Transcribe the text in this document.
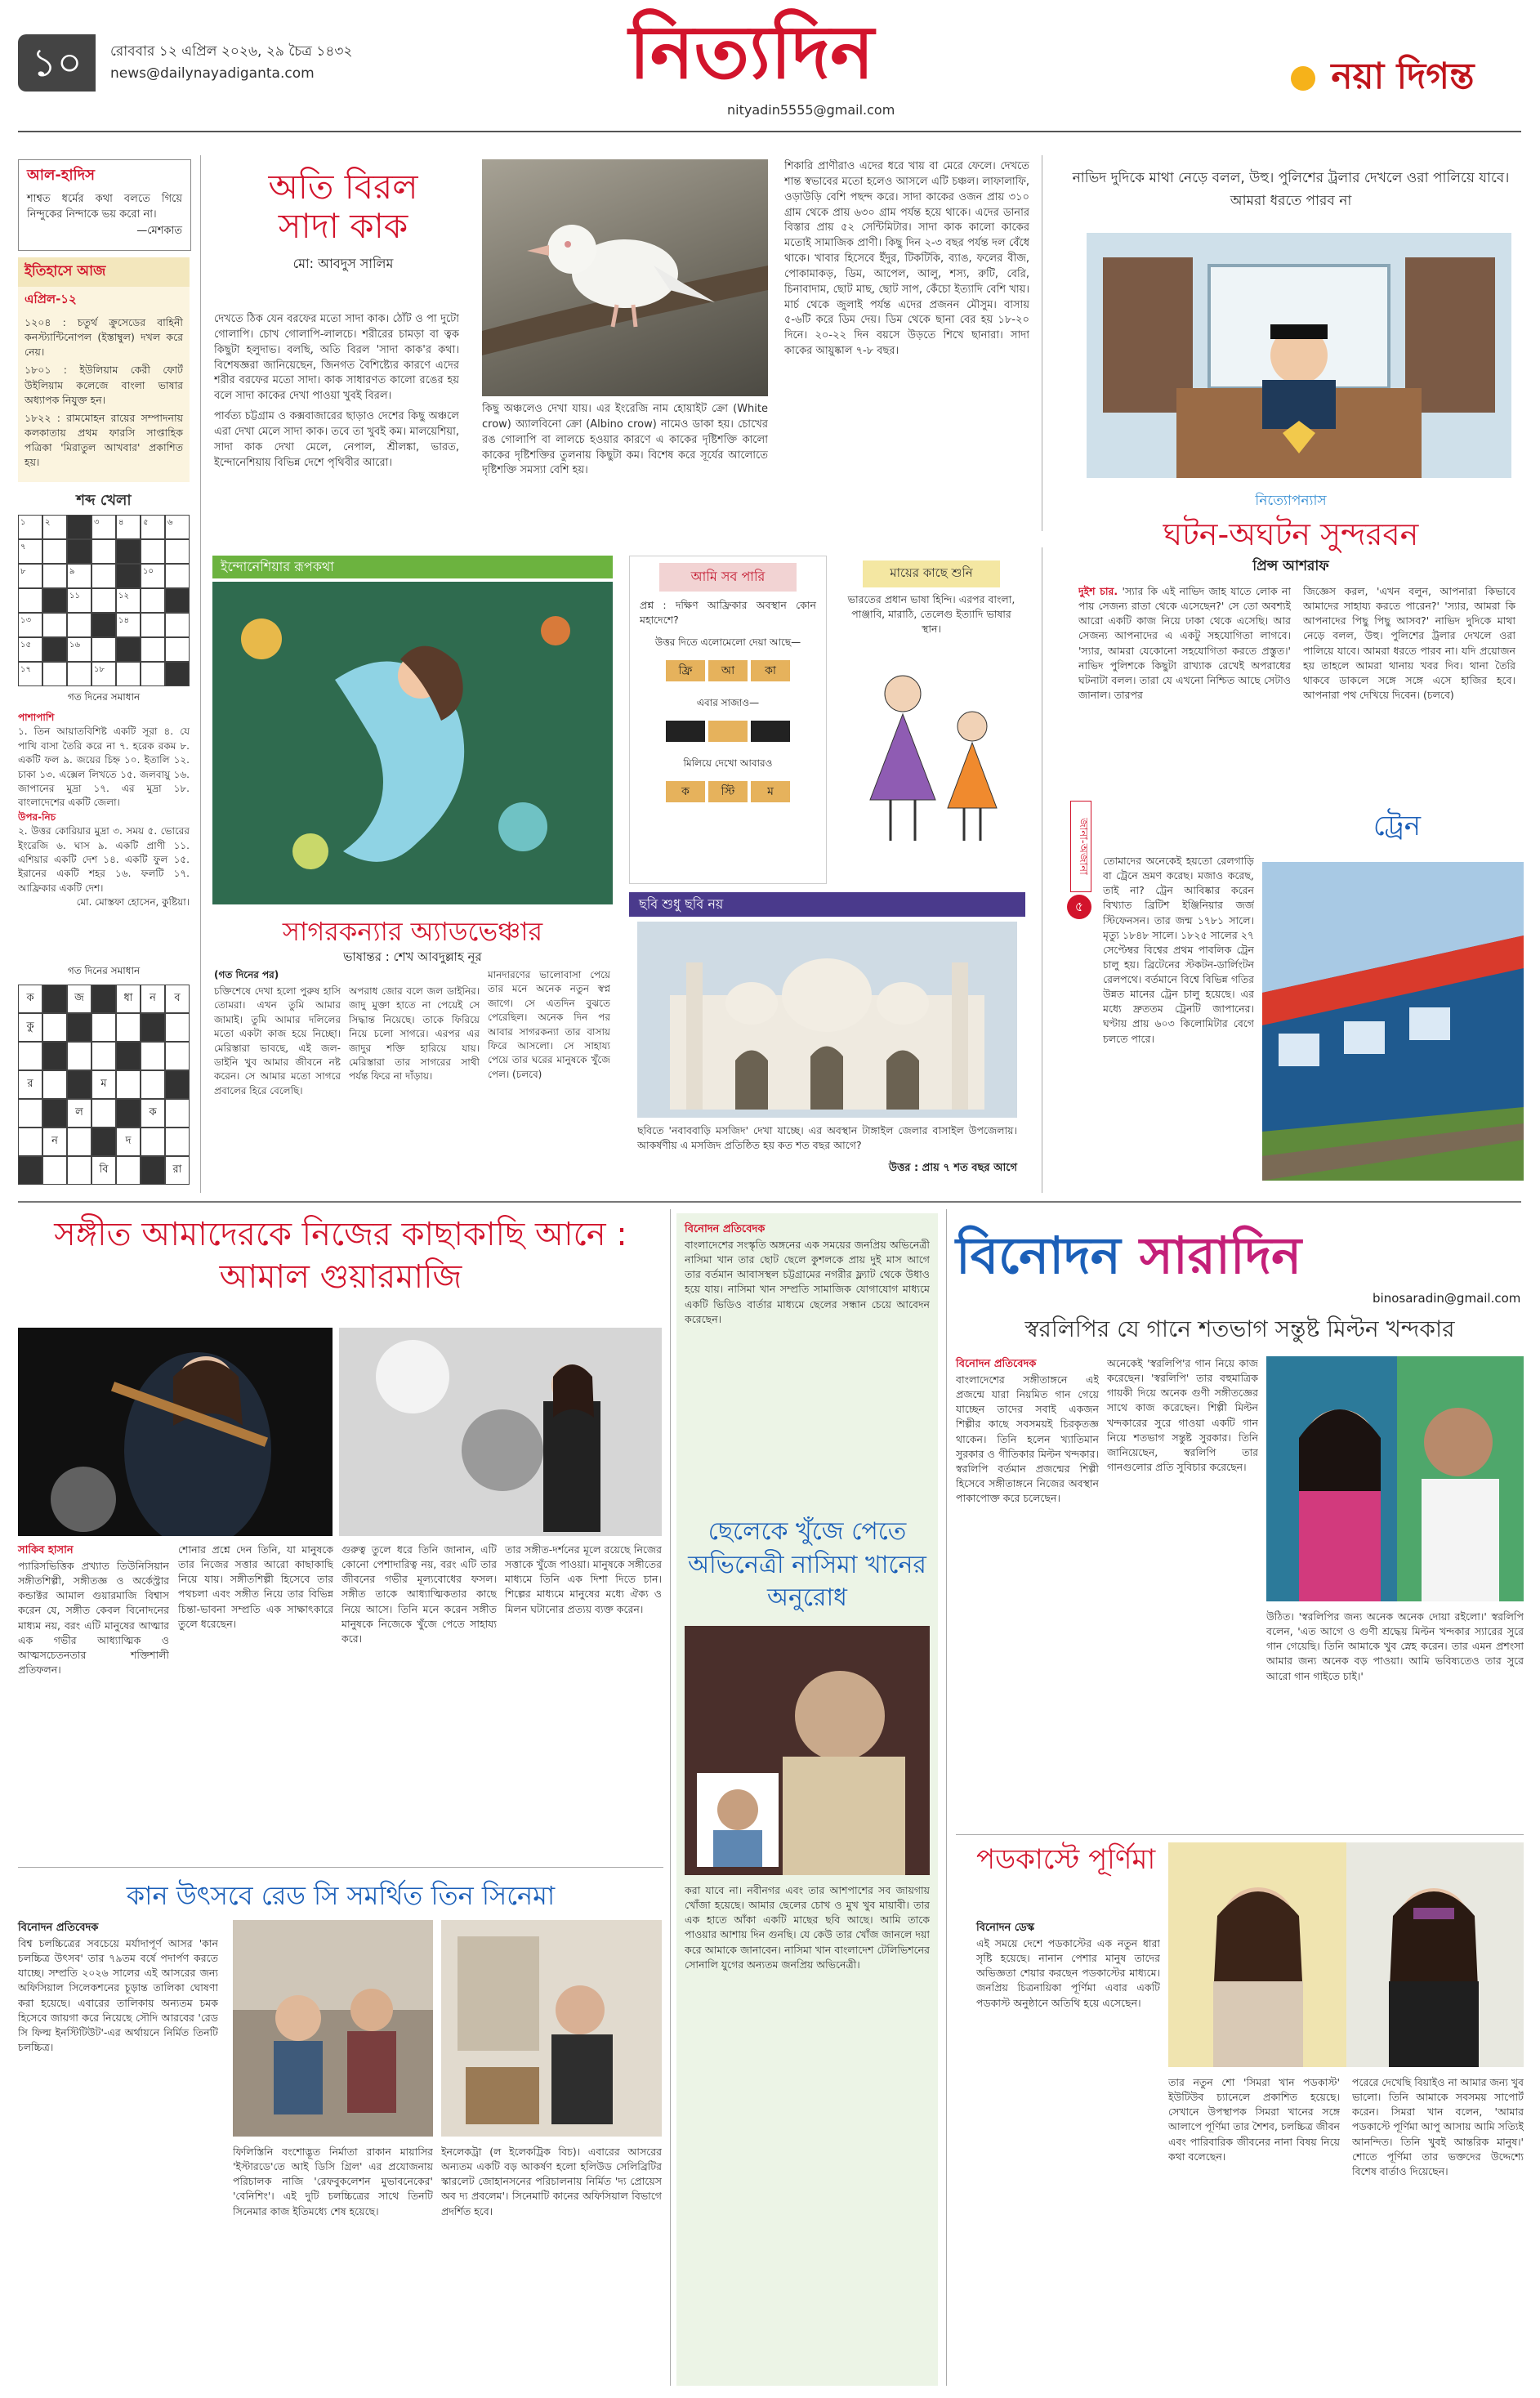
১০	রোববার ১২ এপ্রিল ২০২৬, ২৯ চৈত্র ১৪৩২
news@dailynayadiganta.com	নিত্যদিন
nityadin5555@gmail.com
নয়া দিগন্ত
আল-হাদিস
শাশ্বত ধর্মের কথা বলতে গিয়ে নিন্দুকের নিন্দাকে ভয় করো না।
—মেশকাত
ইতিহাসে আজ
এপ্রিল-১২
১২০৪ : চতুর্থ ক্রুসেডের বাহিনী কনস্ট্যান্টিনোপল (ইস্তাম্বুল) দখল করে নেয়।
১৮০১ : ইউলিয়াম কেরী ফোর্ট উইলিয়াম কলেজে বাংলা ভাষার অধ্যাপক নিযুক্ত হন।
১৮২২ : রামমোহন রায়ের সম্পাদনায় কলকাতায় প্রথম ফারসি সাপ্তাহিক পত্রিকা 'মিরাতুল আখবার' প্রকাশিত হয়।
শব্দ খেলা
১	২	৩	৪	৫	৬
৭
৮	৯	১০
১১	১২
১৩	১৪
১৫	১৬
১৭	১৮
গত দিনের সমাধান
পাশাপাশি
১. তিন আয়াতবিশিষ্ট একটি সূরা ৪. যে পাখি বাসা তৈরি করে না ৭. হরেক রকম ৮. একটি ফল ৯. জয়ের চিহ্ন ১০. ইতালি ১২. চাকা ১৩. এক্সেল লিখতে ১৫. জলবায়ু ১৬. জাপানের মুদ্রা ১৭. এর মুদ্রা ১৮. বাংলাদেশের একটি জেলা।
উপর-নিচ
২. উত্তর কোরিয়ার মুদ্রা ৩. সময় ৫. ভোরের ইংরেজি ৬. ঘাস ৯. একটি প্রাণী ১১. এশিয়ার একটি দেশ ১৪. একটি ফুল ১৫. ইরানের একটি শহর ১৬. ফলটি ১৭. আফ্রিকার একটি দেশ।
মো. মোস্তফা হোসেন, কুষ্টিয়া।
গত দিনের সমাধান
ক	জ	ধা	ন	ব
কু
র	ম
ল	ক
ন	দ
বি	রা
অতি বিরল সাদা কাক
মো: আবদুস সালিম
দেখতে ঠিক যেন বরফের মতো সাদা কাক। ঠোঁট ও পা দুটো গোলাপি। চোখ গোলাপি-লালচে। শরীরের চামড়া বা ত্বক কিছুটা হলুদাভ। বলছি, অতি বিরল 'সাদা কাক'র কথা। বিশেষজ্ঞরা জানিয়েছেন, জিনগত বৈশিষ্ট্যের কারণে এদের শরীর বরফের মতো সাদা। কাক সাধারণত কালো রঙের হয় বলে সাদা কাকের দেখা পাওয়া খুবই বিরল।
পার্বত্য চট্টগ্রাম ও কক্সবাজারের ছাড়াও দেশের কিছু অঞ্চলে এরা দেখা মেলে সাদা কাক। তবে তা খুবই কম। মালয়েশিয়া, সাদা কাক দেখা মেলে, নেপাল, শ্রীলঙ্কা, ভারত, ইন্দোনেশিয়ায় বিভিন্ন দেশে পৃথিবীর আরো।
কিছু অঞ্চলেও দেখা যায়। এর ইংরেজি নাম হোয়াইট ক্রো (White crow) অ্যালবিনো ক্রো (Albino crow) নামেও ডাকা হয়। চোখের রঙ গোলাপি বা লালচে হওয়ার কারণে এ কাকের দৃষ্টিশক্তি কালো কাকের দৃষ্টিশক্তির তুলনায় কিছুটা কম। বিশেষ করে সূর্যের আলোতে দৃষ্টিশক্তি সমস্যা বেশি হয়।
শিকারি প্রাণীরাও এদের ধরে খায় বা মেরে ফেলে। দেখতে শান্ত স্বভাবের মতো হলেও আসলে এটি চঞ্চল। লাফালাফি, ওড়াউড়ি বেশি পছন্দ করে। সাদা কাকের ওজন প্রায় ৩১০ গ্রাম থেকে প্রায় ৬৩০ গ্রাম পর্যন্ত হয়ে থাকে। এদের ডানার বিস্তার প্রায় ৫২ সেন্টিমিটার। সাদা কাক কালো কাকের মতোই সামাজিক প্রাণী। কিছু দিন ২-৩ বছর পর্যন্ত দল বেঁধে থাকে। খাবার হিসেবে ইঁদুর, টিকটিকি, ব্যাঙ, ফলের বীজ, পোকামাকড়, ডিম, আপেল, আলু, শস্য, রুটি, বেরি, চিনাবাদাম, ছোট মাছ, ছোট সাপ, কেঁচো ইত্যাদি বেশি খায়। মার্চ থেকে জুলাই পর্যন্ত এদের প্রজনন মৌসুম। বাসায় ৫-৬টি করে ডিম দেয়। ডিম থেকে ছানা বের হয় ১৮-২০ দিনে। ২০-২২ দিন বয়সে উড়তে শিখে ছানারা। সাদা কাকের আয়ুষ্কাল ৭-৮ বছর।
নাভিদ দুদিকে মাথা নেড়ে বলল, উহু। পুলিশের ট্রলার দেখলে ওরা পালিয়ে যাবে। আমরা ধরতে পারব না
নিত্যোপন্যাস
ঘটন-অঘটন সুন্দরবন
প্রিন্স আশরাফ
দুইশ চার. 'স্যার কি এই নাভিদ জাহ যাতে লোক না পায় সেজন্য রাতা থেকে এসেছেন?' সে তো অবশ্যই আরো একটি কাজ নিয়ে ঢাকা থেকে এসেছি। আর সেজন্য আপনাদের এ একটু সহযোগিতা লাগবে। 'স্যার, আমরা যেকোনো সহযোগিতা করতে প্রস্তুত।' নাভিদ পুলিশকে কিছুটা রাখ্যাক রেখেই অপরাধের ঘটনাটা বলল। তারা যে এখনো নিশ্চিত আছে সেটাও জানাল। তারপর
জিজ্ঞেস করল, 'এখন বলুন, আপনারা কিভাবে আমাদের সাহায্য করতে পারেন?' 'স্যার, আমরা কি আপনাদের পিছু পিছু আসব?' নাভিদ দুদিকে মাথা নেড়ে বলল, উহু। পুলিশের ট্রলার দেখলে ওরা পালিয়ে যাবে। আমরা ধরতে পারব না। যদি প্রয়োজন হয় তাহলে আমরা থানায় খবর দিব। থানা তৈরি থাকবে ডাকলে সঙ্গে সঙ্গে এসে হাজির হবে। আপনারা পথ দেখিয়ে দিবেন। (চলবে)
ইন্দোনেশিয়ার রূপকথা
সাগরকন্যার অ্যাডভেঞ্চার
ভাষান্তর : শেখ আবদুল্লাহ নূর
(গত দিনের পর)
চক্তিশেষে দেখা হলো পুরুষ হাসি তোমরা। এখন তুমি আমার জামাই। তুমি আমার দলিলের মতো একটা কাজ হয়ে নিচ্ছো। মেরিস্তারা ভাবছে, এই জল-ডাইনি খুব আমার জীবনে নষ্ট করেন। সে আমার মতো সাগরে প্রবালের হিরে বেলেছি।
অপরাধ জোর বলে জল ডাইনির। জাদু মুক্তা হাতে না পেয়েই সে সিদ্ধান্ত নিয়েছে। তাকে ফিরিয়ে নিয়ে চলো সাগরে। এরপর এর জাদুর শক্তি হারিয়ে যায়। মেরিস্তারা তার সাগরের সাথী পর্যন্ত ফিরে না দাঁড়ায়।
মানদারণের ভালোবাসা পেয়ে তার মনে অনেক নতুন স্বপ্ন জাগে। সে এতদিন বুঝতে পেরেছিল। অনেক দিন পর আবার সাগরকন্যা তার বাসায় ফিরে আসলো। সে সাহায্য পেয়ে তার ঘরের মানুষকে খুঁজে পেল। (চলবে)
আমি সব পারি
প্রশ্ন : দক্ষিণ আফ্রিকার অবস্থান কোন মহাদেশে?
উত্তর দিতে এলোমেলো দেয়া আছে—
ফ্রি	আ	কা
এবার সাজাও—
মিলিয়ে দেখো আবারও
ক	স্টি	ম
মায়ের কাছে শুনি
ভারতের প্রধান ভাষা হিন্দি। এরপর বাংলা, পাঞ্জাবি, মারাঠি, তেলেগু ইত্যাদি ভাষার স্থান।
ছবি শুধু ছবি নয়
ছবিতে 'নবাববাড়ি মসজিদ' দেখা যাচ্ছে। এর অবস্থান টাঙ্গাইল জেলার বাসাইল উপজেলায়। আকর্ষণীয় এ মসজিদ প্রতিষ্ঠিত হয় কত শত বছর আগে?
উত্তর : প্রায় ৭ শত বছর আগে
জানা-অজানা
৫
ট্রেন
তোমাদের অনেকেই হয়তো রেলগাড়ি বা ট্রেনে ভ্রমণ করেছ। মজাও করেছ, তাই না? ট্রেন আবিষ্কার করেন বিখ্যাত ব্রিটিশ ইঞ্জিনিয়ার জর্জ স্টিফেনসন। তার জন্ম ১৭৮১ সালে। মৃত্যু ১৮৪৮ সালে। ১৮২৫ সালের ২৭ সেপ্টেম্বর বিশ্বের প্রথম পাবলিক ট্রেন চালু হয়। ব্রিটেনের স্টকটন-ডার্লিংটন রেলপথে। বর্তমানে বিশ্বে বিভিন্ন গতির উন্নত মানের ট্রেন চালু হয়েছে। এর মধ্যে দ্রুততম ট্রেনটি জাপানের। ঘণ্টায় প্রায় ৬০৩ কিলোমিটার বেগে চলতে পারে।
সঙ্গীত আমাদেরকে নিজের কাছাকাছি আনে : আমাল গুয়ারমাজি
সাকিব হাসান
প্যারিসভিত্তিক প্রখ্যাত তিউনিসিয়ান সঙ্গীতশিল্পী, সঙ্গীতজ্ঞ ও অর্কেস্ট্রার কন্ডাক্টর আমাল গুয়ারমাজি বিশ্বাস করেন যে, সঙ্গীত কেবল বিনোদনের মাধ্যম নয়, বরং এটি মানুষের আত্মার এক গভীর আধ্যাত্মিক ও আত্মসচেতনতার শক্তিশালী প্রতিফলন।
শোনার প্রশ্নে দেন তিনি, যা মানুষকে তার নিজের সত্তার আরো কাছাকাছি নিয়ে যায়। সঙ্গীতশিল্পী হিসেবে তার পথচলা এবং সঙ্গীত নিয়ে তার বিভিন্ন চিন্তা-ভাবনা সম্প্রতি এক সাক্ষাৎকারে তুলে ধরেছেন।
গুরুত্ব তুলে ধরে তিনি জানান, এটি কোনো পেশাদারিত্ব নয়, বরং এটি তার জীবনের গভীর মূল্যবোধের ফসল। সঙ্গীত তাকে আধ্যাত্মিকতার কাছে নিয়ে আসে। তিনি মনে করেন সঙ্গীত মানুষকে নিজেকে খুঁজে পেতে সাহায্য করে।
তার সঙ্গীত-দর্শনের মূলে রয়েছে নিজের সত্তাকে খুঁজে পাওয়া। মানুষকে সঙ্গীতের মাধ্যমে তিনি এক দিশা দিতে চান। শিল্পের মাধ্যমে মানুষের মধ্যে ঐক্য ও মিলন ঘটানোর প্রত্যয় ব্যক্ত করেন।
কান উৎসবে রেড সি সমর্থিত তিন সিনেমা
বিনোদন প্রতিবেদক
বিশ্ব চলচ্চিত্রের সবচেয়ে মর্যাদাপূর্ণ আসর 'কান চলচ্চিত্র উৎসব' তার ৭৯তম বর্ষে পদার্পণ করতে যাচ্ছে। সম্প্রতি ২০২৬ সালের এই আসরের জন্য অফিসিয়াল সিলেকশনের চূড়ান্ত তালিকা ঘোষণা করা হয়েছে। এবারের তালিকায় অন্যতম চমক হিসেবে জায়গা করে নিয়েছে সৌদি আরবের 'রেড সি ফিল্ম ইনস্টিটিউট'-এর অর্থায়নে নির্মিত তিনটি চলচ্চিত্র।
ফিলিস্তিনি বংশোদ্ভূত নির্মাতা রাকান মায়াসির 'ইস্টারডে'তে আই ডিসি গ্রিল' এর প্রযোজনায় পরিচালক নাজি 'রেফবুকলেশন মুভাবনেকের' 'বেনিশিং'। এই দুটি চলচ্চিত্রের সাথে তিনটি সিনেমার কাজ ইতিমধ্যে শেষ হয়েছে।
ইনলেকট্রা (ল ইলেকট্রিক বিচ)। এবারের আসরের অন্যতম একটি বড় আকর্ষণ হলো হলিউড সেলিব্রিটির স্কারলেট জোহানসনের পরিচালনায় নির্মিত 'দ্য প্রোয়েস অব দ্য প্রবলেম'। সিনেমাটি কানের অফিসিয়াল বিভাগে প্রদর্শিত হবে।
বিনোদন প্রতিবেদক
বাংলাদেশের সংস্কৃতি অঙ্গনের এক সময়ের জনপ্রিয় অভিনেত্রী নাসিমা খান তার ছোট ছেলে কুশলকে প্রায় দুই মাস আগে তার বর্তমান আবাসস্থল চট্টগ্রামের নগরীর ফ্ল্যাট থেকে উধাও হয়ে যায়। নাসিমা খান সম্প্রতি সামাজিক যোগাযোগ মাধ্যমে একটি ভিডিও বার্তার মাধ্যমে ছেলের সন্ধান চেয়ে আবেদন করেছেন।
ছেলেকে খুঁজে পেতে অভিনেত্রী নাসিমা খানের অনুরোধ
করা যাবে না। নবীনগর এবং তার আশপাশের সব জায়গায় খোঁজা হয়েছে। আমার ছেলের চোখ ও মুখ খুব মায়াবী। তার এক হাতে আঁকা একটি মাছের ছবি আছে। আমি তাকে পাওয়ার আশায় দিন গুনছি। যে কেউ তার খোঁজ জানলে দয়া করে আমাকে জানাবেন। নাসিমা খান বাংলাদেশ টেলিভিশনের সোনালি যুগের অন্যতম জনপ্রিয় অভিনেত্রী।
বিনোদন সারাদিন
binosaradin@gmail.com
স্বরলিপির যে গানে শতভাগ সন্তুষ্ট মিল্টন খন্দকার
বিনোদন প্রতিবেদক
বাংলাদেশের সঙ্গীতাঙ্গনে এই প্রজন্মে যারা নিয়মিত গান গেয়ে যাচ্ছেন তাদের সবাই একজন শিল্পীর কাছে সবসময়ই চিরকৃতজ্ঞ থাকেন। তিনি হলেন খ্যাতিমান সুরকার ও গীতিকার মিল্টন খন্দকার। স্বরলিপি বর্তমান প্রজন্মের শিল্পী হিসেবে সঙ্গীতাঙ্গনে নিজের অবস্থান পাকাপোক্ত করে চলেছেন।
অনেকেই 'স্বরলিপি'র গান নিয়ে কাজ করেছেন। 'স্বরলিপি' তার বহুমাত্রিক গায়কী দিয়ে অনেক গুণী সঙ্গীতজ্ঞের সাথে কাজ করেছেন। শিল্পী মিল্টন খন্দকারের সুরে গাওয়া একটি গান নিয়ে শতভাগ সন্তুষ্ট সুরকার। তিনি জানিয়েছেন, স্বরলিপি তার গানগুলোর প্রতি সুবিচার করেছেন।
উঠিত। 'স্বরলিপির জন্য অনেক অনেক দোয়া রইলো।' স্বরলিপি বলেন, 'এত আগে ও গুণী শ্রদ্ধেয় মিল্টন খন্দকার স্যারের সুরে গান গেয়েছি। তিনি আমাকে খুব স্নেহ করেন। তার এমন প্রশংসা আমার জন্য অনেক বড় পাওয়া। আমি ভবিষ্যতেও তার সুরে আরো গান গাইতে চাই।'
পডকাস্টে পূর্ণিমা
বিনোদন ডেস্ক
এই সময়ে দেশে পডকাস্টের এক নতুন ধারা সৃষ্টি হয়েছে। নানান পেশার মানুষ তাদের অভিজ্ঞতা শেয়ার করছেন পডকাস্টের মাধ্যমে। জনপ্রিয় চিত্রনায়িকা পূর্ণিমা এবার একটি পডকাস্ট অনুষ্ঠানে অতিথি হয়ে এসেছেন।
তার নতুন শো 'সিমরা খান পডকাস্ট' ইউটিউব চ্যানেলে প্রকাশিত হয়েছে। সেখানে উপস্থাপক সিমরা খানের সঙ্গে আলাপে পূর্ণিমা তার শৈশব, চলচ্চিত্র জীবন এবং পারিবারিক জীবনের নানা বিষয় নিয়ে কথা বলেছেন।
পরেরে দেখেছি বিয়াইও না আমার জন্য খুব ভালো। তিনি আমাকে সবসময় সাপোর্ট করেন। সিমরা খান বলেন, 'আমার পডকাস্টে পূর্ণিমা আপু আসায় আমি সত্যিই আনন্দিত। তিনি খুবই আন্তরিক মানুষ।' শোতে পূর্ণিমা তার ভক্তদের উদ্দেশ্যে বিশেষ বার্তাও দিয়েছেন।
